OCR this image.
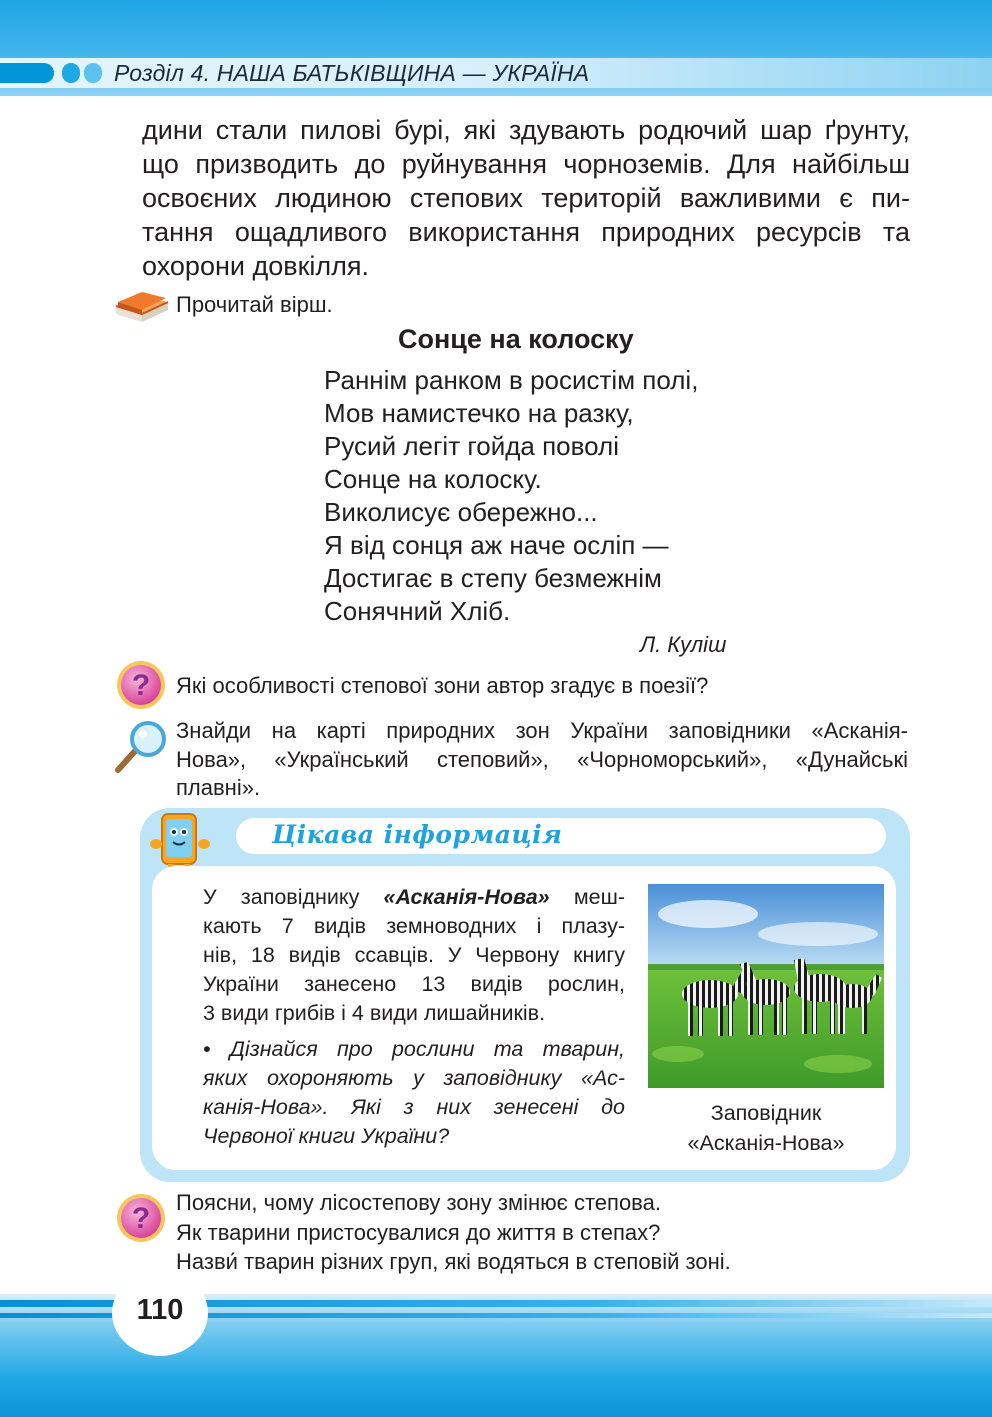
Розділ 4. НАША БАТЬКІВЩИНА — УКРАЇНА
дини стали пилові бурі, які здувають родючий шар ґрунту,
що призводить до руйнування чорноземів. Для найбільш
освоєних людиною степових територій важливими є пи-
тання ощадливого використання природних ресурсів та
охорони довкілля.
Прочитай вірш.
Сонце на колоску
Раннім ранком в росистім полі,
Мов намистечко на разку,
Русий легіт гойда поволі
Сонце на колоску.
Виколисує обережно...
Я від сонця аж наче осліп —
Достигає в степу безмежнім
Сонячний Хліб.
Л. Куліш
? Які особливості степової зони автор згадує в поезії?
Знайди на карті природних зон України заповідники «Асканія-
Нова», «Український степовий», «Чорноморський», «Дунайські
плавні».
Цікава інформація
У заповіднику «Асканія-Нова» меш-
кають 7 видів земноводних і плазу-
нів, 18 видів ссавців. У Червону книгу
України занесено 13 видів рослин,
3 види грибів і 4 види лишайників.
• Дізнайся про рослини та тварин,
яких охороняють у заповіднику «Ас-
канія-Нова». Які з них зенесені до
Червоної книги України?
Заповідник
«Асканія-Нова»
? Поясни, чому лісостепову зону змінює степова.
Як тварини пристосувалися до життя в степах?
Назви́ тварин різних груп, які водяться в степовій зоні.
110
